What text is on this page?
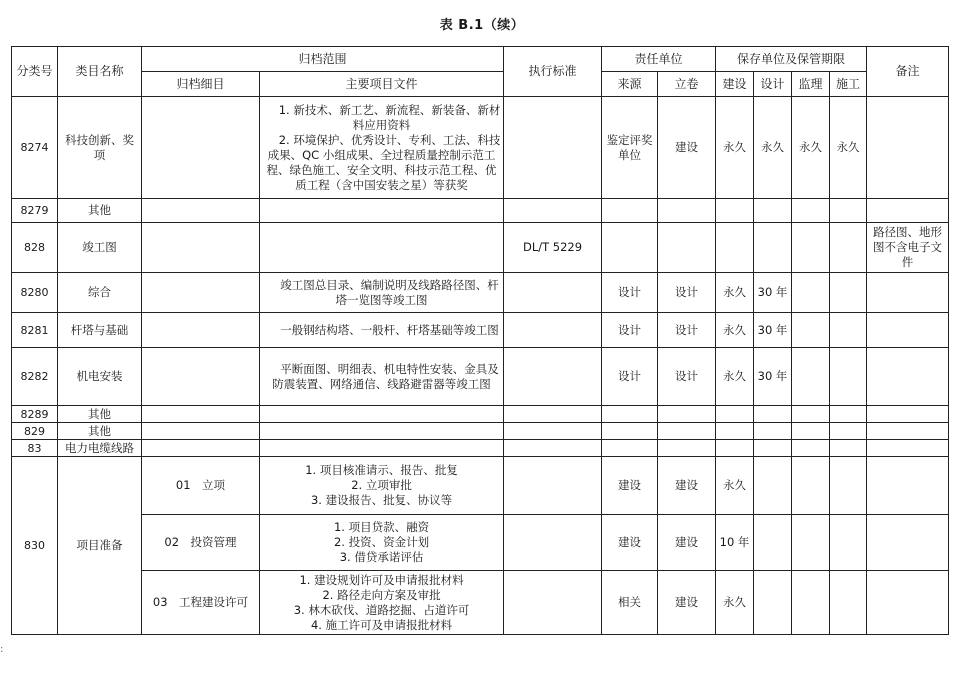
表 B.1（续）
分类号	类目名称	归档范围		执行标准	责任单位		保存单位及保管期限				备注
		归档细目	主要项目文件		来源	立卷	建设	设计	监理	施工	
8274	科技创新、奖项		1. 新技术、新工艺、新流程、新装备、新材料应用资料
2. 环境保护、优秀设计、专利、工法、科技成果、QC 小组成果、全过程质量控制示范工程、绿色施工、安全文明、科技示范工程、优质工程（含中国安装之星）等获奖		鉴定评奖单位	建设	永久	永久	永久	永久	
8279	其他										
828	竣工图			DL/T 5229							路径图、地形图不含电子文件
8280	综合		竣工图总目录、编制说明及线路路径图、杆塔一览图等竣工图		设计	设计	永久	30 年			
8281	杆塔与基础		一般钢结构塔、一般杆、杆塔基础等竣工图		设计	设计	永久	30 年			
8282	机电安装		平断面图、明细表、机电特性安装、金具及防震装置、网络通信、线路避雷器等竣工图		设计	设计	永久	30 年			
8289	其他										
829	其他										
83	电力电缆线路										
830	项目准备	01　立项	1. 项目核准请示、报告、批复
2. 立项审批
3. 建设报告、批复、协议等		建设	建设	永久				
		02　投资管理	1. 项目贷款、融资
2. 投资、资金计划
3. 借贷承诺评估		建设	建设	10 年				
		03　工程建设许可	1. 建设规划许可及申请报批材料
2. 路径走向方案及审批
3. 林木砍伐、道路挖掘、占道许可
4. 施工许可及申请报批材料		相关	建设	永久				
:
